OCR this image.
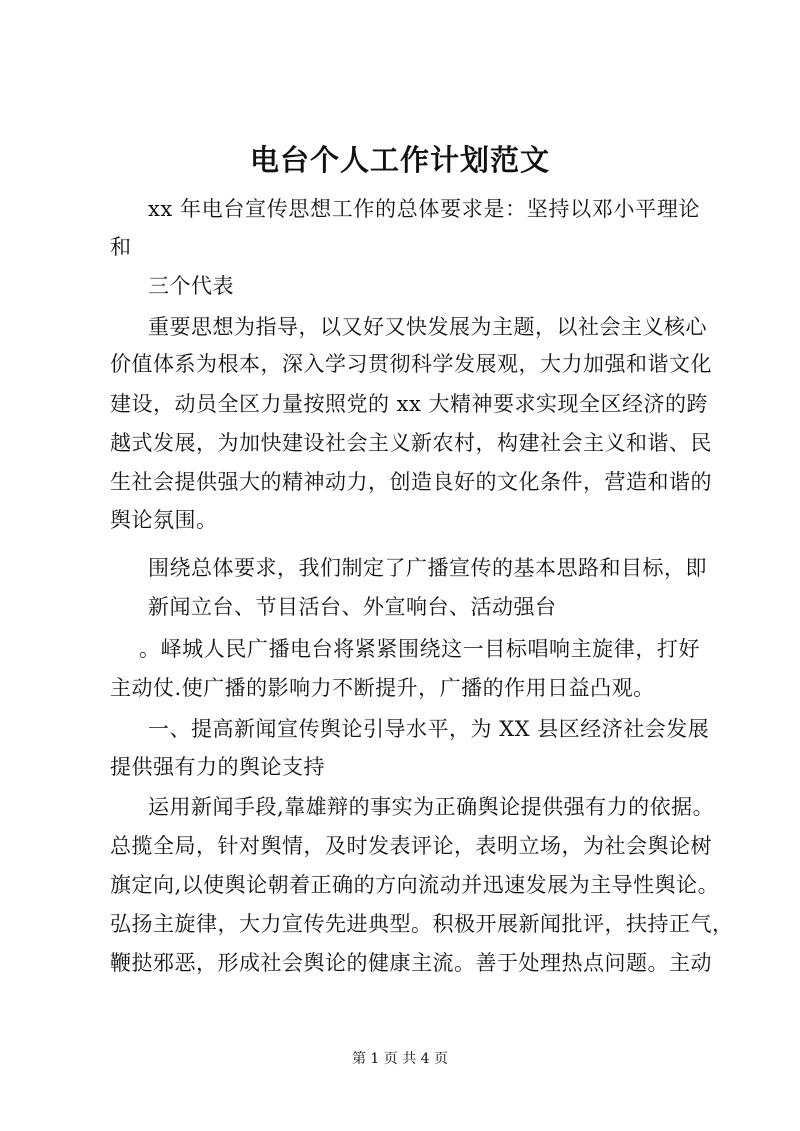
电台个人工作计划范文
xx 年电台宣传思想工作的总体要求是：坚持以邓小平理论
和
三个代表
重要思想为指导，以又好又快发展为主题，以社会主义核心
价值体系为根本，深入学习贯彻科学发展观，大力加强和谐文化
建设，动员全区力量按照党的 xx 大精神要求实现全区经济的跨
越式发展，为加快建设社会主义新农村，构建社会主义和谐、民
生社会提供强大的精神动力，创造良好的文化条件，营造和谐的
舆论氛围。
围绕总体要求，我们制定了广播宣传的基本思路和目标，即
新闻立台、节目活台、外宣响台、活动强台
。峄城人民广播电台将紧紧围绕这一目标唱响主旋律，打好
主动仗.使广播的影响力不断提升，广播的作用日益凸观。
一、提高新闻宣传舆论引导水平，为 XX 县区经济社会发展
提供强有力的舆论支持
运用新闻手段,靠雄辩的事实为正确舆论提供强有力的依据。
总揽全局，针对舆情，及时发表评论，表明立场，为社会舆论树
旗定向,以使舆论朝着正确的方向流动并迅速发展为主导性舆论。
弘扬主旋律，大力宣传先进典型。积极开展新闻批评，扶持正气，
鞭挞邪恶，形成社会舆论的健康主流。善于处理热点问题。主动
第 1 页 共 4 页
